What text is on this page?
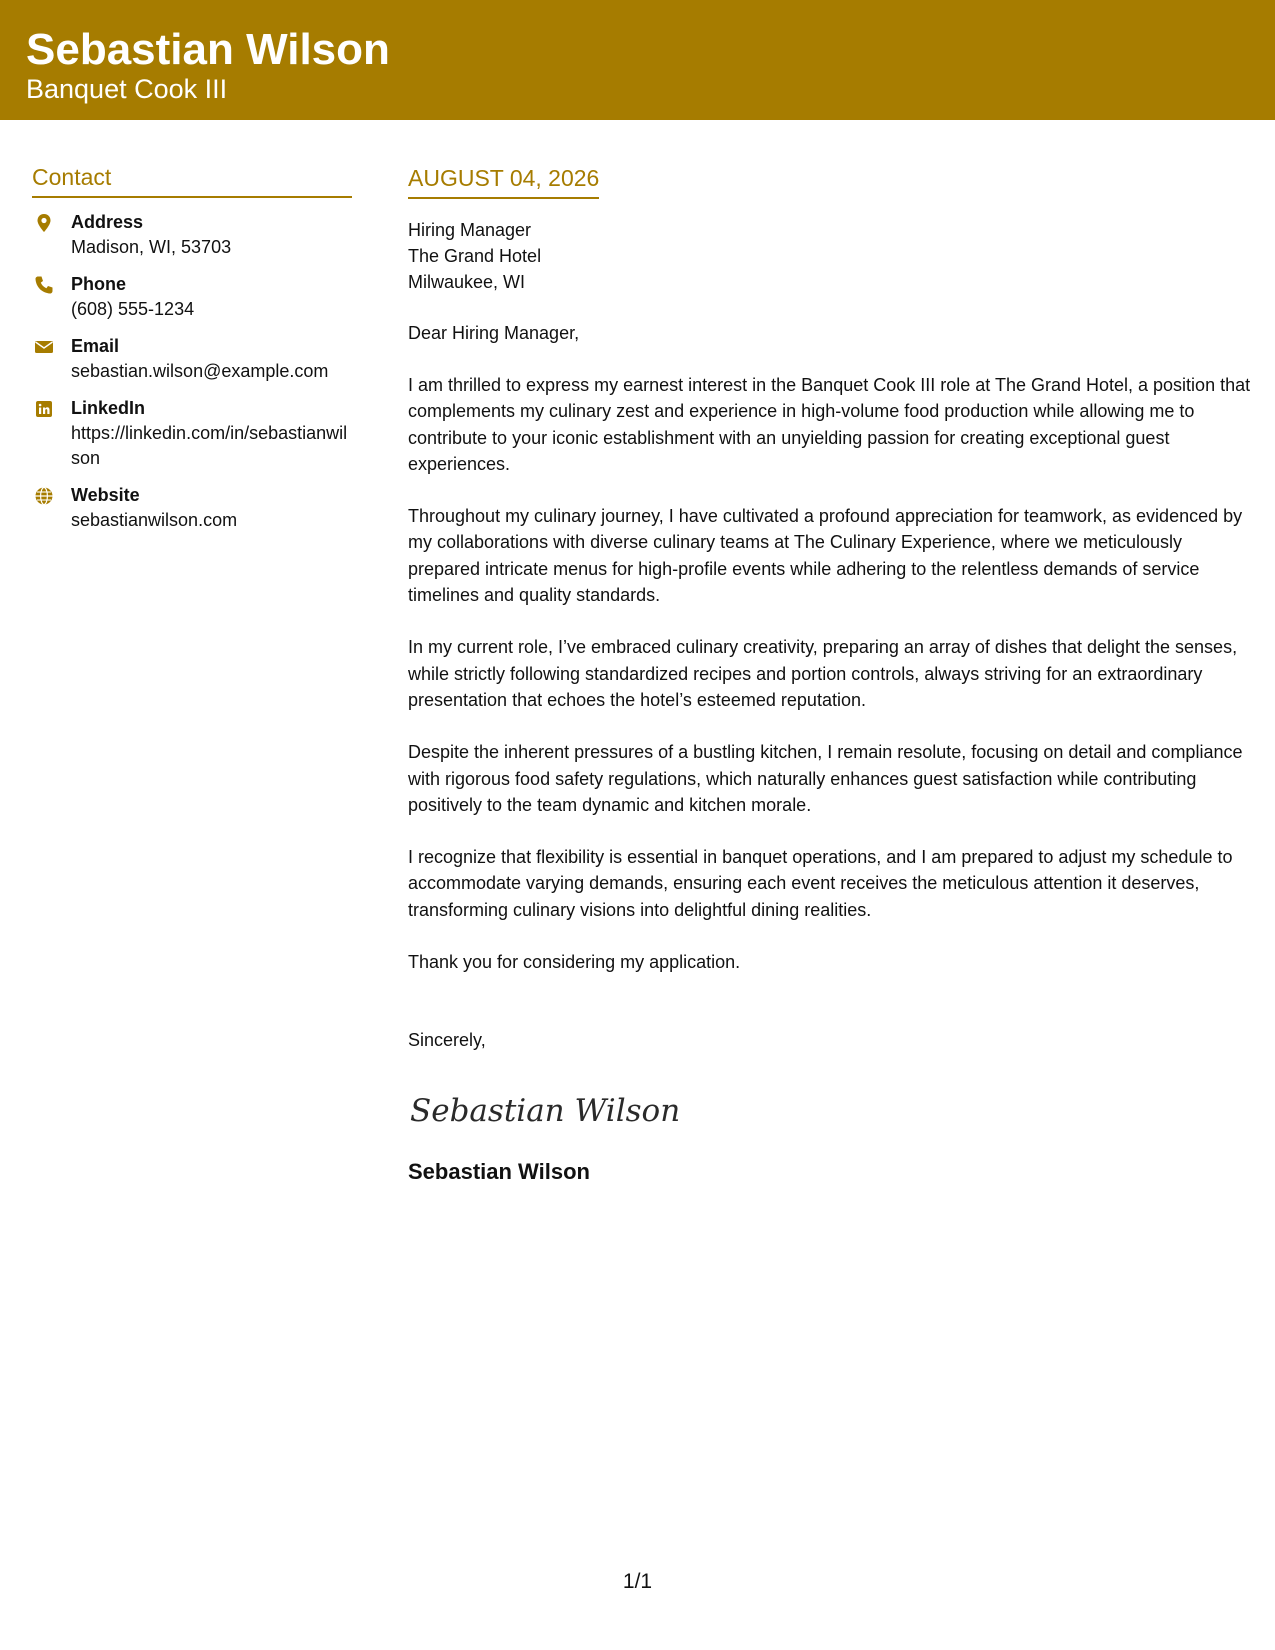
Sebastian Wilson
Banquet Cook III
Contact
Address
Madison, WI, 53703
Phone
(608) 555-1234
Email
sebastian.wilson@example.com
LinkedIn
https://linkedin.com/in/sebastianwilson
Website
sebastianwilson.com
AUGUST 04, 2026
Hiring Manager
The Grand Hotel
Milwaukee, WI
Dear Hiring Manager,
I am thrilled to express my earnest interest in the Banquet Cook III role at The Grand Hotel, a position that complements my culinary zest and experience in high-volume food production while allowing me to contribute to your iconic establishment with an unyielding passion for creating exceptional guest experiences.
Throughout my culinary journey, I have cultivated a profound appreciation for teamwork, as evidenced by my collaborations with diverse culinary teams at The Culinary Experience, where we meticulously prepared intricate menus for high-profile events while adhering to the relentless demands of service timelines and quality standards.
In my current role, I’ve embraced culinary creativity, preparing an array of dishes that delight the senses, while strictly following standardized recipes and portion controls, always striving for an extraordinary presentation that echoes the hotel’s esteemed reputation.
Despite the inherent pressures of a bustling kitchen, I remain resolute, focusing on detail and compliance with rigorous food safety regulations, which naturally enhances guest satisfaction while contributing positively to the team dynamic and kitchen morale.
I recognize that flexibility is essential in banquet operations, and I am prepared to adjust my schedule to accommodate varying demands, ensuring each event receives the meticulous attention it deserves, transforming culinary visions into delightful dining realities.
Thank you for considering my application.
Sincerely,
Sebastian Wilson
Sebastian Wilson
1/1
